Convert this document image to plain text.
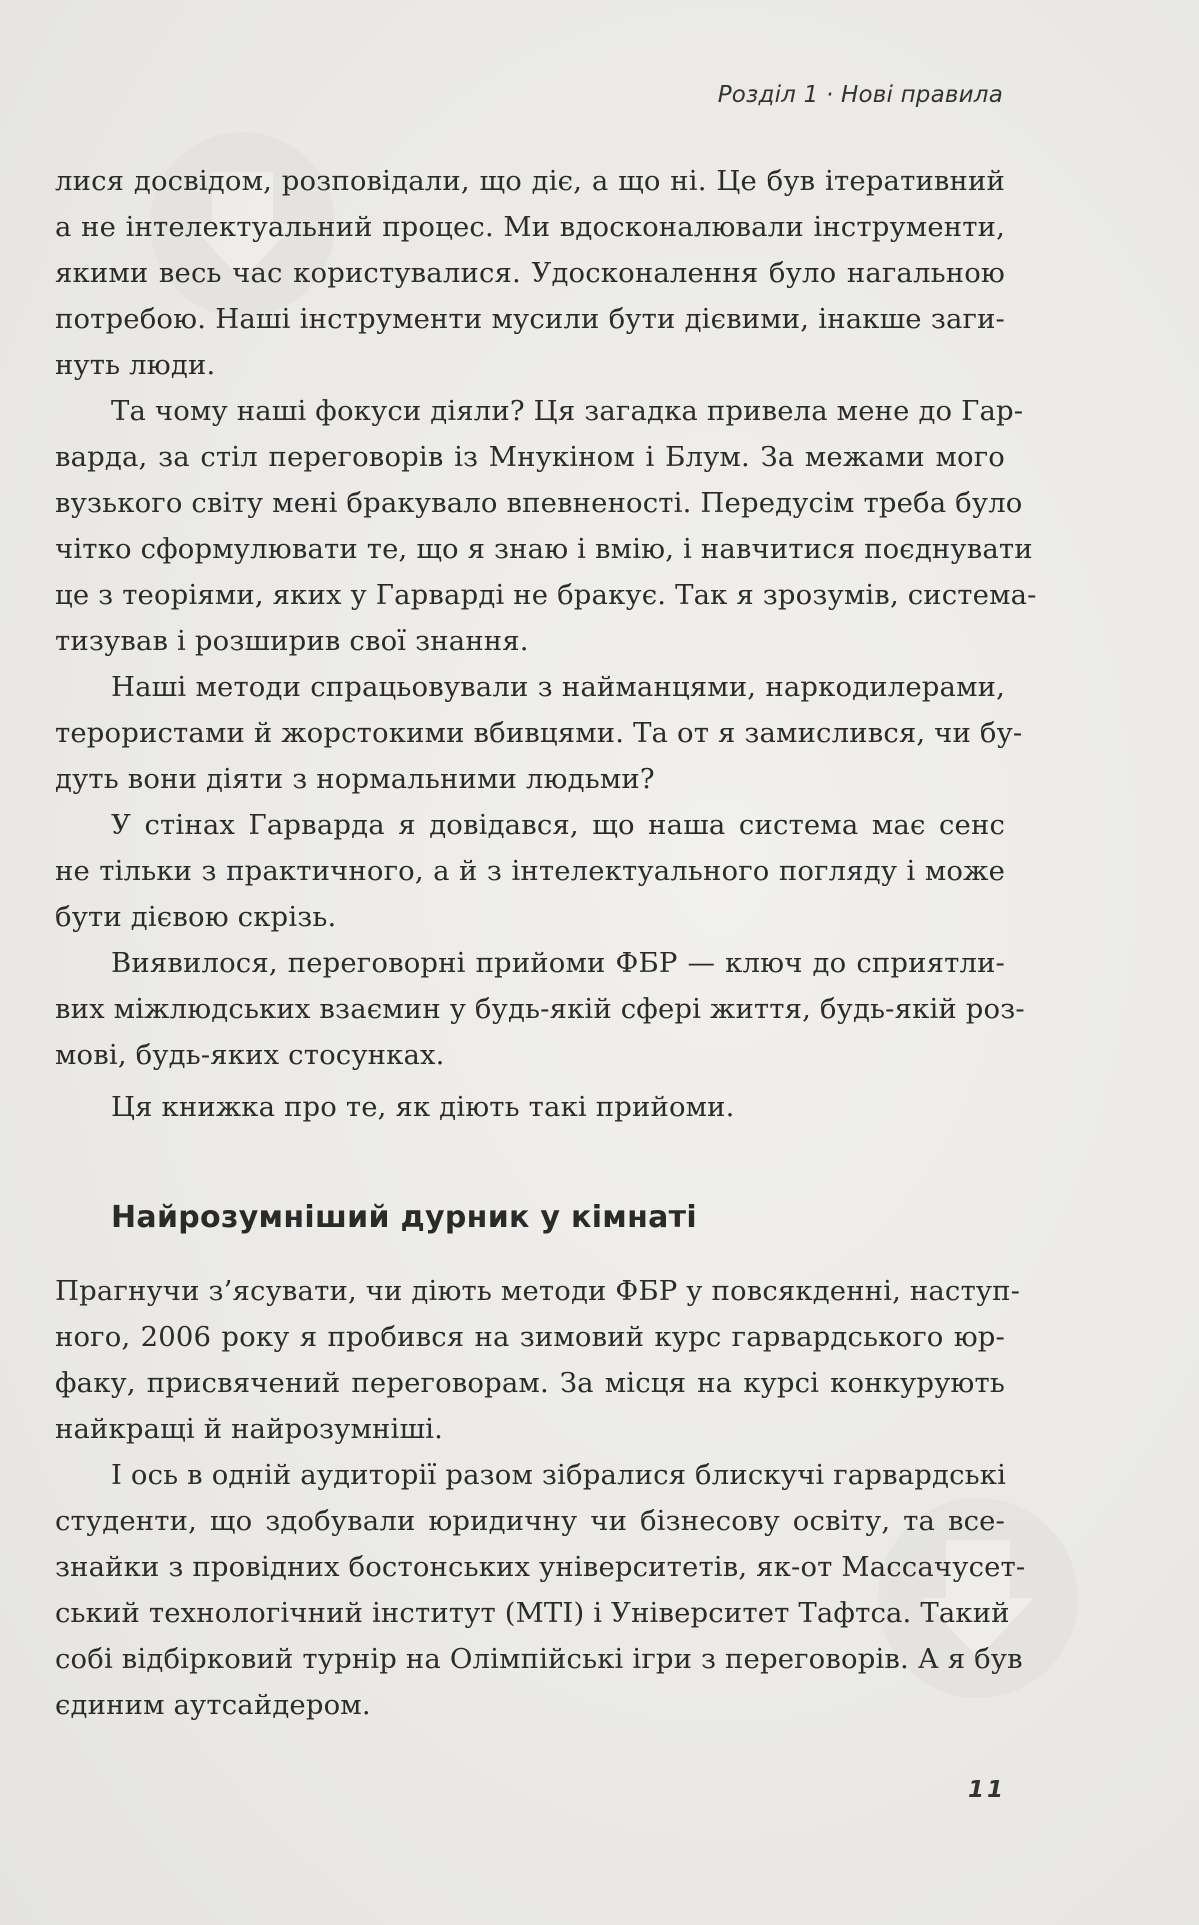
Розділ 1 · Нові правила
лися досвідом, розповідали, що діє, а що ні. Це був ітеративний
а не інтелектуальний процес. Ми вдосконалювали інструменти,
якими весь час користувалися. Удосконалення було нагальною
потребою. Наші інструменти мусили бути дієвими, інакше заги-
нуть люди.
Та чому наші фокуси діяли? Ця загадка привела мене до Гар-
варда, за стіл переговорів із Мнукіном і Блум. За межами мого
вузького світу мені бракувало впевненості. Передусім треба було
чітко сформулювати те, що я знаю і вмію, і навчитися поєднувати
це з теоріями, яких у Гарварді не бракує. Так я зрозумів, система-
тизував і розширив свої знання.
Наші методи спрацьовували з найманцями, наркодилерами,
терористами й жорстокими вбивцями. Та от я замислився, чи бу-
дуть вони діяти з нормальними людьми?
У стінах Гарварда я довідався, що наша система має сенс
не тільки з практичного, а й з інтелектуального погляду і може
бути дієвою скрізь.
Виявилося, переговорні прийоми ФБР — ключ до сприятли-
вих міжлюдських взаємин у будь-якій сфері життя, будь-якій роз-
мові, будь-яких стосунках.
Ця книжка про те, як діють такі прийоми.
Найрозумніший дурник у кімнаті
Прагнучи з’ясувати, чи діють методи ФБР у повсякденні, наступ-
ного, 2006 року я пробився на зимовий курс гарвардського юр-
факу, присвячений переговорам. За місця на курсі конкурують
найкращі й найрозумніші.
І ось в одній аудиторії разом зібралися блискучі гарвардські
студенти, що здобували юридичну чи бізнесову освіту, та все-
знайки з провідних бостонських університетів, як-от Массачусет-
ський технологічний інститут (MTI) і Університет Тафтса. Такий
собі відбірковий турнір на Олімпійські ігри з переговорів. А я був
єдиним аутсайдером.
11
